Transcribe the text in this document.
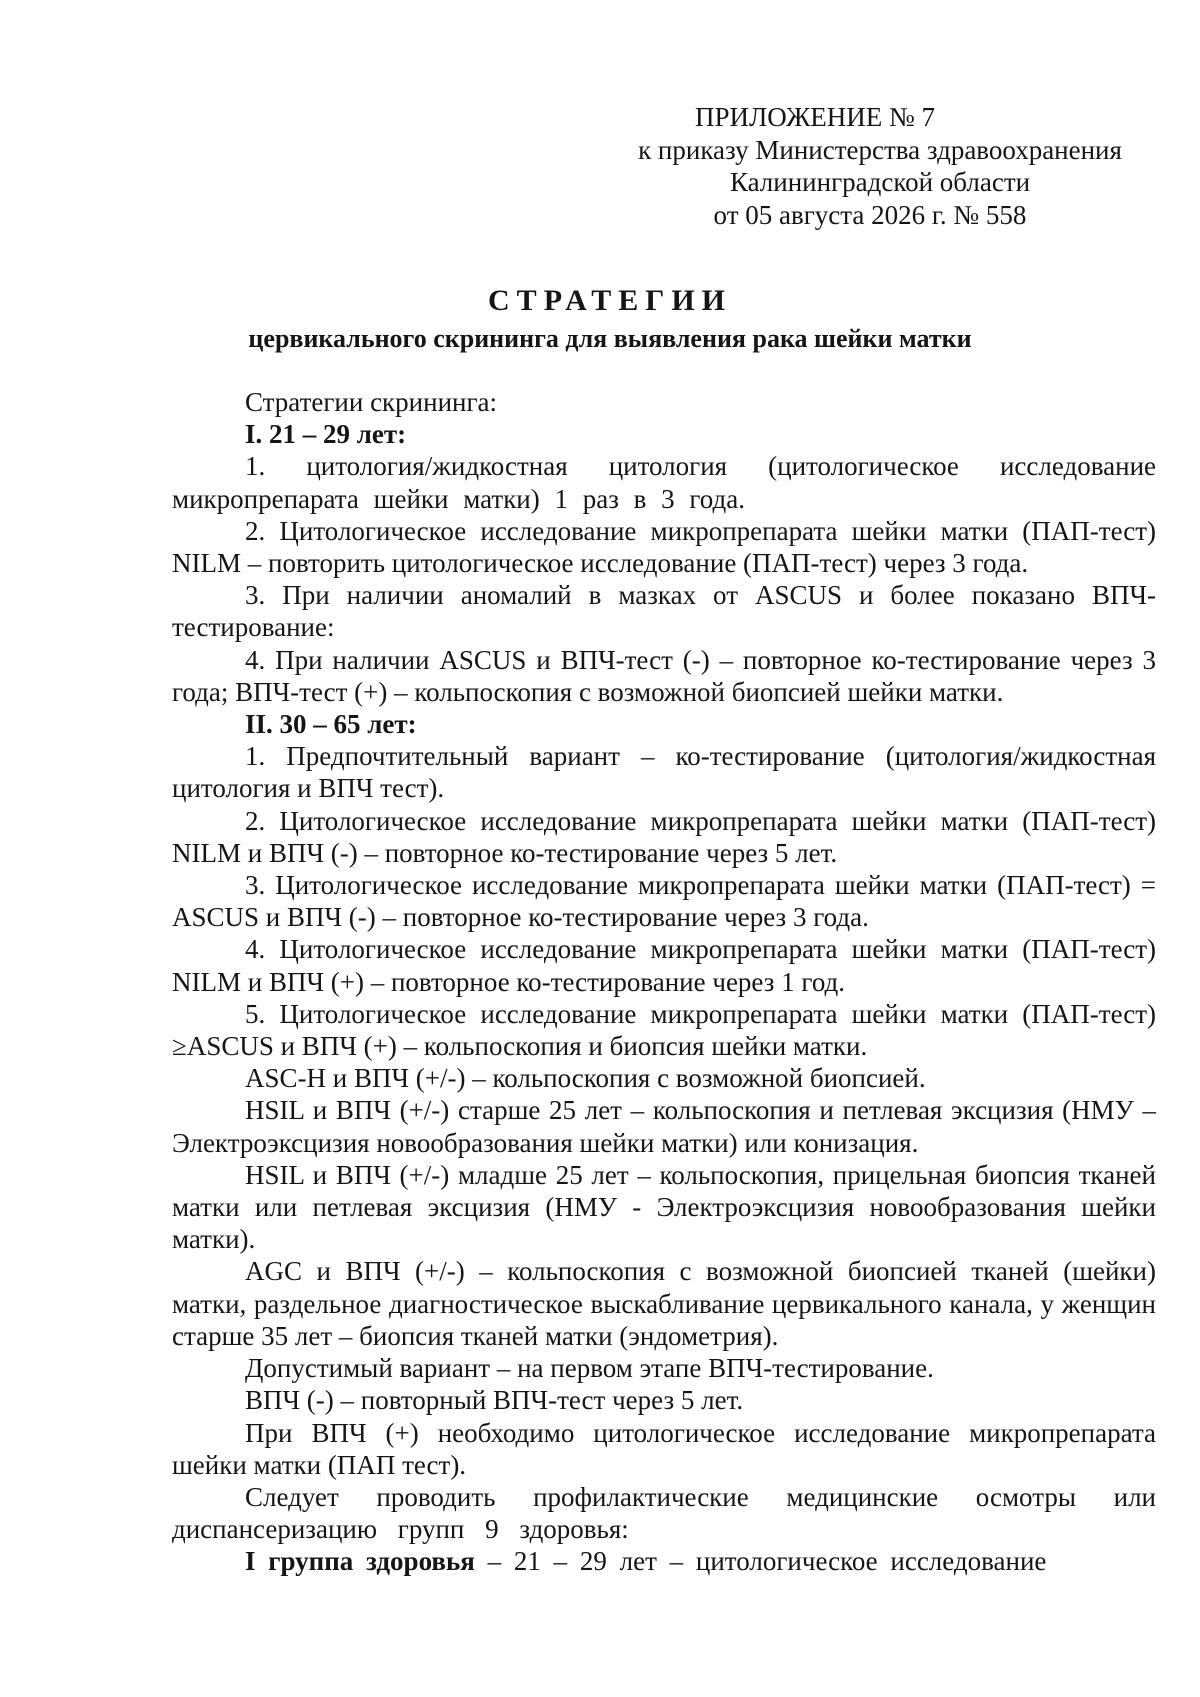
ПРИЛОЖЕНИЕ № 7
к приказу Министерства здравоохранения
Калининградской области
от 05 августа 2026 г. № 558
СТРАТЕГИИ
цервикального скрининга для выявления рака шейки матки

Стратегии скрининга:

I. 21 – 29 лет:

1. цитология/жидкостная цитология (цитологическое исследование микропрепарата шейки матки) 1 раз в 3 года.

2. Цитологическое исследование микропрепарата шейки матки (ПАП-тест) NILM – повторить цитологическое исследование (ПАП-тест) через 3 года.

3. При наличии аномалий в мазках от ASCUS и более показано ВПЧ-тестирование:

4. При наличии ASCUS и ВПЧ-тест (-) – повторное ко-тестирование через 3 года; ВПЧ-тест (+) – кольпоскопия с возможной биопсией шейки матки.

II. 30 – 65 лет:

1. Предпочтительный вариант – ко-тестирование (цитология/жидкостная цитология и ВПЧ тест).

2. Цитологическое исследование микропрепарата шейки матки (ПАП-тест) NILM и ВПЧ (-) – повторное ко-тестирование через 5 лет.

3. Цитологическое исследование микропрепарата шейки матки (ПАП-тест) = ASCUS и ВПЧ (-) – повторное ко-тестирование через 3 года.

4. Цитологическое исследование микропрепарата шейки матки (ПАП-тест) NILM и ВПЧ (+) – повторное ко-тестирование через 1 год.

5. Цитологическое исследование микропрепарата шейки матки (ПАП-тест) ≥ASCUS и ВПЧ (+) – кольпоскопия и биопсия шейки матки.

ASC-H и ВПЧ (+/-) – кольпоскопия с возможной биопсией.

HSIL и ВПЧ (+/-) старше 25 лет – кольпоскопия и петлевая эксцизия (НМУ – Электроэксцизия новообразования шейки матки) или конизация.

HSIL и ВПЧ (+/-) младше 25 лет – кольпоскопия, прицельная биопсия тканей матки или петлевая эксцизия (НМУ - Электроэксцизия новообразования шейки матки).

AGC и ВПЧ (+/-) – кольпоскопия с возможной биопсией тканей (шейки) матки, раздельное диагностическое выскабливание цервикального канала, у женщин старше 35 лет – биопсия тканей матки (эндометрия).

Допустимый вариант – на первом этапе ВПЧ-тестирование.

ВПЧ (-) – повторный ВПЧ-тест через 5 лет.

При ВПЧ (+) необходимо цитологическое исследование микропрепарата шейки матки (ПАП тест).

Следует проводить профилактические медицинские осмотры или диспансеризацию групп 9 здоровья:

I группа здоровья – 21 – 29 лет – цитологическое исследование
